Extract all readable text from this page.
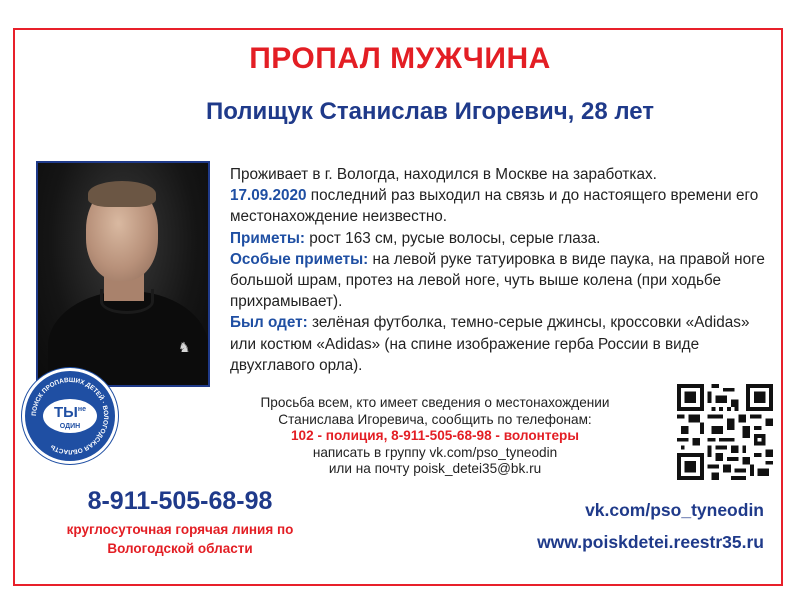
ПРОПАЛ МУЖЧИНА
Полищук Станислав Игоревич, 28 лет
♞
ПОИСК ПРОПАВШИХ ДЕТЕЙ · ВОЛОГОДСКАЯ ОБЛАСТЬ
$ТЫ^{не}$
ОДИН

Проживает в г. Вологда, находился в Москве на заработках.

17.09.2020 последний раз выходил на связь и до настоящего времени его местонахождение неизвестно.

Приметы: рост 163 см, русые волосы, серые глаза.

Особые приметы: на левой руке татуировка в виде паука, на правой ноге большой шрам, протез на левой ноге, чуть выше колена (при ходьбе прихрамывает).

Был одет: зелёная футболка, темно-серые джинсы, кроссовки «Adidas» или костюм «Adidas» (на спине изображение герба России в виде двухглавого орла).

Просьба всем, кто имеет сведения о местонахождении

Станислава Игоревича, сообщить по телефонам:

102 - полиция, 8-911-505-68-98 - волонтеры

написать в группу vk.com/pso_tyneodin

или на почту poisk_detei35@bk.ru

8-911-505-68-98
круглосуточная горячая линия по
Вологодской области
vk.com/pso_tyneodin
www.poiskdetei.reestr35.ru
